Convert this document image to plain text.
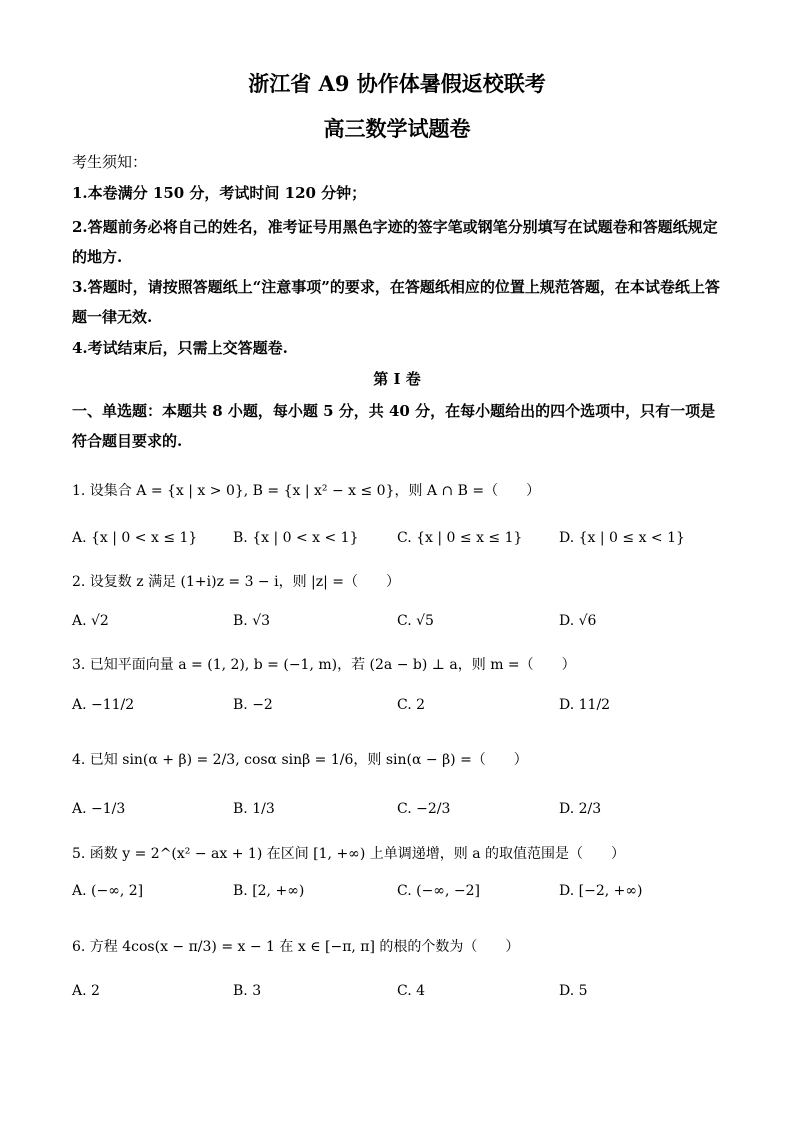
浙江省 A9 协作体暑假返校联考
高三数学试题卷
考生须知：
1.本卷满分 150 分，考试时间 120 分钟；
2.答题前务必将自己的姓名，准考证号用黑色字迹的签字笔或钢笔分别填写在试题卷和答题纸规定的地方.
3.答题时，请按照答题纸上“注意事项”的要求，在答题纸相应的位置上规范答题，在本试卷纸上答题一律无效.
4.考试结束后，只需上交答题卷.
第 I 卷
一、单选题：本题共 8 小题，每小题 5 分，共 40 分，在每小题给出的四个选项中，只有一项是符合题目要求的.
1. 设集合 A = {x | x > 0}, B = {x | x² − x ≤ 0}，则 A ∩ B =（　　）
A. {x | 0 < x ≤ 1}	B. {x | 0 < x < 1}	C. {x | 0 ≤ x ≤ 1}	D. {x | 0 ≤ x < 1}
2. 设复数 z 满足 (1+i)z = 3 − i，则 |z| =（　　）
A. √2	B. √3	C. √5	D. √6
3. 已知平面向量 a = (1, 2), b = (−1, m)，若 (2a − b) ⊥ a，则 m =（　　）
A. −11/2	B. −2	C. 2	D. 11/2
4. 已知 sin(α + β) = 2/3, cosα sinβ = 1/6，则 sin(α − β) =（　　）
A. −1/3	B. 1/3	C. −2/3	D. 2/3
5. 函数 y = 2^(x² − ax + 1) 在区间 [1, +∞) 上单调递增，则 a 的取值范围是（　　）
A. (−∞, 2]	B. [2, +∞)	C. (−∞, −2]	D. [−2, +∞)
6. 方程 4cos(x − π/3) = x − 1 在 x ∈ [−π, π] 的根的个数为（　　）
A. 2	B. 3	C. 4	D. 5
